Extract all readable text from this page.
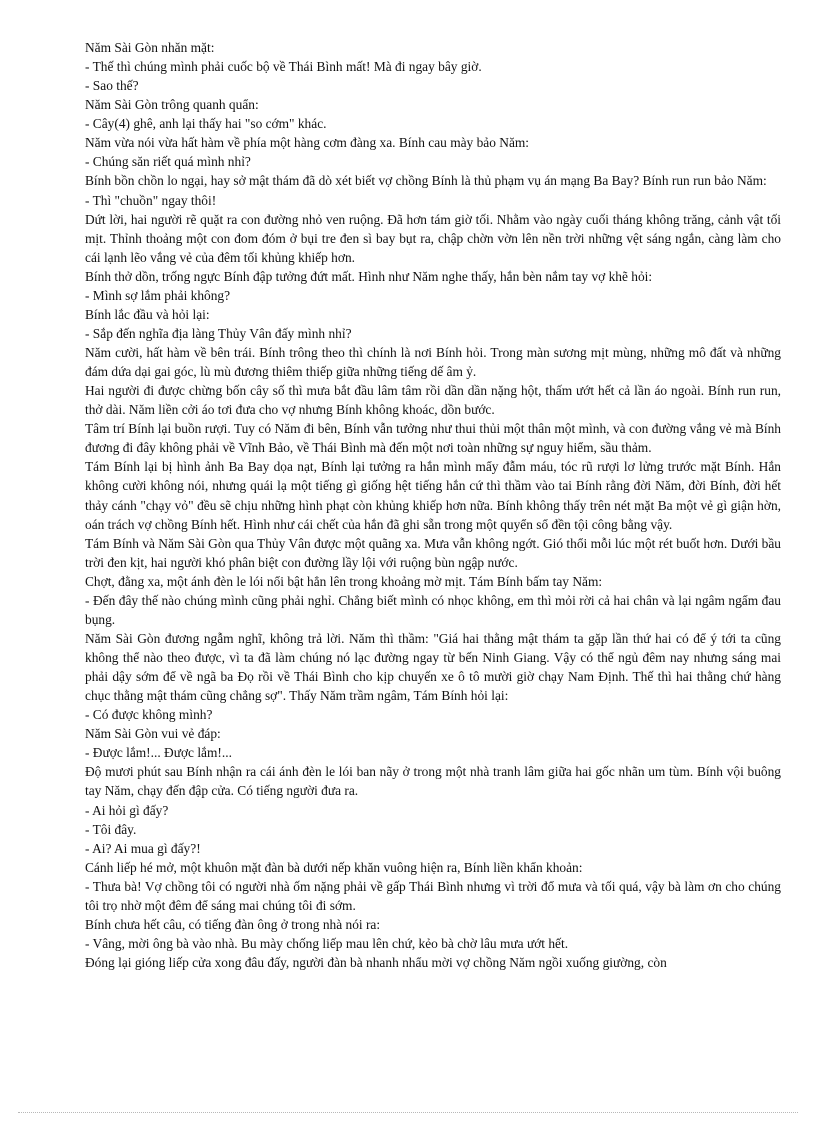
Năm Sài Gòn nhăn mặt:

- Thế thì chúng mình phải cuốc bộ về Thái Bình mất! Mà đi ngay bây giờ.

- Sao thế?

Năm Sài Gòn trông quanh quẩn:

- Cây(4) ghê, anh lại thấy hai "so cớm" khác.

Năm vừa nói vừa hất hàm về phía một hàng cơm đàng xa. Bính cau mày bảo Năm:

- Chúng săn riết quá mình nhỉ?

Bính bồn chồn lo ngại, hay sở mật thám đã dò xét biết vợ chồng Bính là thủ phạm vụ án mạng Ba Bay? Bính run run bảo Năm:

- Thì "chuồn" ngay thôi!

Dứt lời, hai người rẽ quặt ra con đường nhỏ ven ruộng. Đã hơn tám giờ tối. Nhằm vào ngày cuối tháng không trăng, cảnh vật tối mịt. Thỉnh thoảng một con đom đóm ở bụi tre đen sì bay bụt ra, chập chờn vờn lên nền trời những vệt sáng ngắn, càng làm cho cái lạnh lẽo vắng vẻ của đêm tối khủng khiếp hơn.

Bính thở dồn, trống ngực Bính đập tưởng đứt mất. Hình như Năm nghe thấy, hắn bèn nắm tay vợ khẽ hỏi:

- Mình sợ lắm phải không?

Bính lắc đầu và hỏi lại:

- Sắp đến nghĩa địa làng Thủy Vân đấy mình nhỉ?

Năm cười, hất hàm về bên trái. Bính trông theo thì chính là nơi Bính hỏi. Trong màn sương mịt mùng, những mô đất và những đám dứa dại gai góc, lù mù đương thiêm thiếp giữa những tiếng dế âm ỷ.

Hai người đi được chừng bốn cây số thì mưa bắt đầu lâm tâm rồi dần dần nặng hột, thấm ướt hết cả lần áo ngoài. Bính run run, thở dài. Năm liền cởi áo tơi đưa cho vợ nhưng Bính không khoác, dồn bước.

Tâm trí Bính lại buồn rượi. Tuy có Năm đi bên, Bính vẫn tưởng như thui thủi một thân một mình, và con đường vắng vẻ mà Bính đương đi đây không phải về Vĩnh Bảo, về Thái Bình mà đến một nơi toàn những sự nguy hiểm, sầu thảm.

Tám Bính lại bị hình ảnh Ba Bay dọa nạt, Bính lại tưởng ra hắn mình mẩy đẫm máu, tóc rũ rượi lơ lửng trước mặt Bính. Hắn không cười không nói, nhưng quái lạ một tiếng gì giống hệt tiếng hắn cứ thì thầm vào tai Bính rằng đời Năm, đời Bính, đời hết thảy cánh "chạy vỏ" đều sẽ chịu những hình phạt còn khủng khiếp hơn nữa. Bính không thấy trên nét mặt Ba một vẻ gì giận hờn, oán trách vợ chồng Bính hết. Hình như cái chết của hắn đã ghi sẵn trong một quyển sổ đền tội công bằng vậy.

Tám Bính và Năm Sài Gòn qua Thủy Vân được một quãng xa. Mưa vẫn không ngớt. Gió thổi mỗi lúc một rét buốt hơn. Dưới bầu trời đen kịt, hai người khó phân biệt con đường lầy lội với ruộng bùn ngập nước.

Chợt, đằng xa, một ánh đèn le lói nổi bật hẳn lên trong khoảng mờ mịt. Tám Bính bấm tay Năm:

- Đến đây thế nào chúng mình cũng phải nghỉ. Chẳng biết mình có nhọc không, em thì mỏi rời cả hai chân và lại ngâm ngẩm đau bụng.

Năm Sài Gòn đương ngẫm nghĩ, không trả lời. Năm thì thầm: "Giá hai thằng mật thám ta gặp lần thứ hai có để ý tới ta cũng không thể nào theo được, vì ta đã làm chúng nó lạc đường ngay từ bến Ninh Giang. Vậy có thể ngủ đêm nay nhưng sáng mai phải dậy sớm để về ngã ba Đọ rồi về Thái Bình cho kịp chuyến xe ô tô mười giờ chạy Nam Định. Thế thì hai thằng chứ hàng chục thằng mật thám cũng chẳng sợ". Thấy Năm trầm ngâm, Tám Bính hỏi lại:

- Có được không mình?

Năm Sài Gòn vui vẻ đáp:

- Được lắm!... Được lắm!...

Độ mươi phút sau Bính nhận ra cái ánh đèn le lói ban nãy ở trong một nhà tranh lâm giữa hai gốc nhãn um tùm. Bính vội buông tay Năm, chạy đến đập cửa. Có tiếng người đưa ra.

- Ai hỏi gì đấy?

- Tôi đây.

- Ai? Ai mua gì đấy?!

Cánh liếp hé mở, một khuôn mặt đàn bà dưới nếp khăn vuông hiện ra, Bính liền khẩn khoản:

- Thưa bà! Vợ chồng tôi có người nhà ốm nặng phải về gấp Thái Bình nhưng vì trời đổ mưa và tối quá, vậy bà làm ơn cho chúng tôi trọ nhờ một đêm để sáng mai chúng tôi đi sớm.

Bính chưa hết câu, có tiếng đàn ông ở trong nhà nói ra:

- Vâng, mời ông bà vào nhà. Bu mày chống liếp mau lên chứ, kẻo bà chờ lâu mưa ướt hết.

Đóng lại gióng liếp cửa xong đâu đấy, người đàn bà nhanh nhẩu mời vợ chồng Năm ngồi xuống giường, còn
